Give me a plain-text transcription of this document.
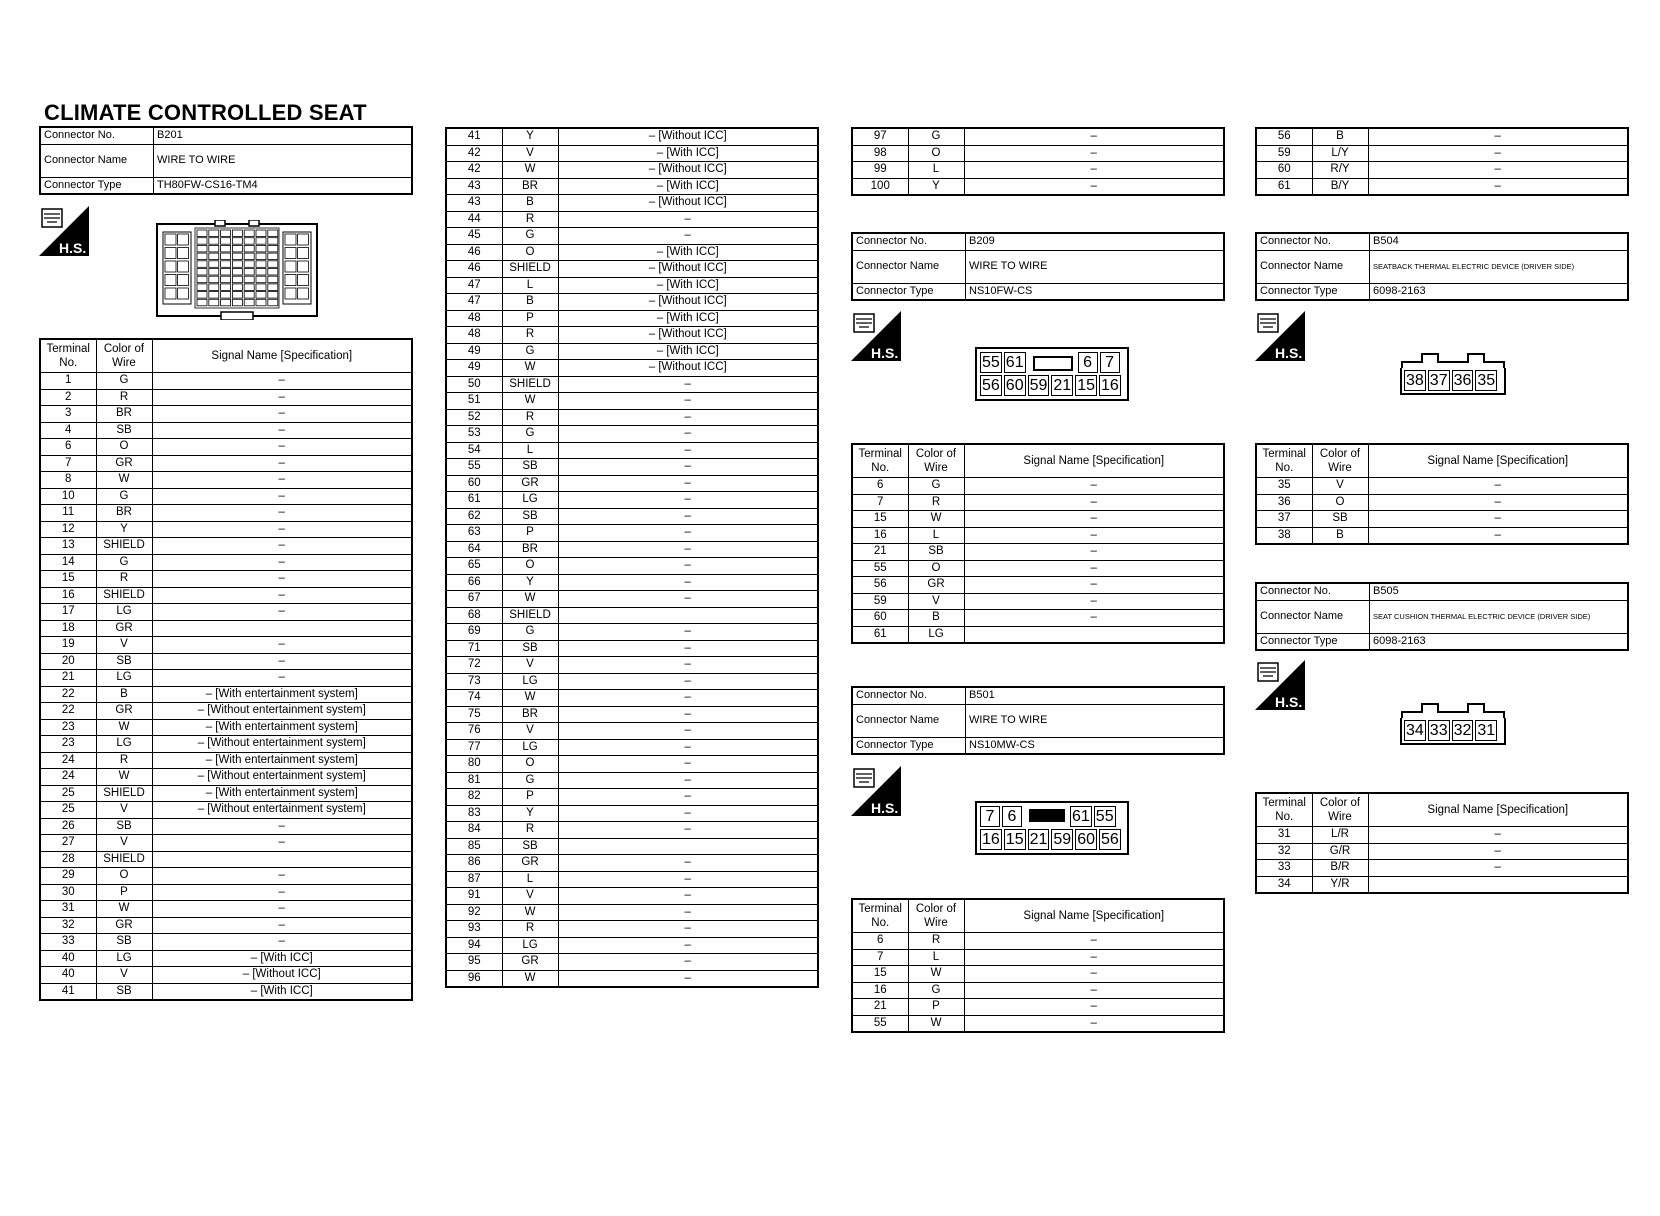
CLIMATE CONTROLLED SEAT
Connector No.	B201
Connector Name	WIRE TO WIRE
Connector Type	TH80FW-CS16-TM4
H.S.
Terminal No.	Color of Wire	Signal Name [Specification]
1	G	–
2	R	–
3	BR	–
4	SB	–
6	O	–
7	GR	–
8	W	–
10	G	–
11	BR	–
12	Y	–
13	SHIELD	–
14	G	–
15	R	–
16	SHIELD	–
17	LG	–
18	GR	
19	V	–
20	SB	–
21	LG	–
22	B	– [With entertainment system]
22	GR	– [Without entertainment system]
23	W	– [With entertainment system]
23	LG	– [Without entertainment system]
24	R	– [With entertainment system]
24	W	– [Without entertainment system]
25	SHIELD	– [With entertainment system]
25	V	– [Without entertainment system]
26	SB	–
27	V	–
28	SHIELD	
29	O	–
30	P	–
31	W	–
32	GR	–
33	SB	–
40	LG	– [With ICC]
40	V	– [Without ICC]
41	SB	– [With ICC]
41	Y	– [Without ICC]
42	V	– [With ICC]
42	W	– [Without ICC]
43	BR	– [With ICC]
43	B	– [Without ICC]
44	R	–
45	G	–
46	O	– [With ICC]
46	SHIELD	– [Without ICC]
47	L	– [With ICC]
47	B	– [Without ICC]
48	P	– [With ICC]
48	R	– [Without ICC]
49	G	– [With ICC]
49	W	– [Without ICC]
50	SHIELD	–
51	W	–
52	R	–
53	G	–
54	L	–
55	SB	–
60	GR	–
61	LG	–
62	SB	–
63	P	–
64	BR	–
65	O	–
66	Y	–
67	W	–
68	SHIELD	
69	G	–
71	SB	–
72	V	–
73	LG	–
74	W	–
75	BR	–
76	V	–
77	LG	–
80	O	–
81	G	–
82	P	–
83	Y	–
84	R	–
85	SB	
86	GR	–
87	L	–
91	V	–
92	W	–
93	R	–
94	LG	–
95	GR	–
96	W	–
97	G	–
98	O	–
99	L	–
100	Y	–
Connector No.	B209
Connector Name	WIRE TO WIRE
Connector Type	NS10FW-CS
H.S.
55 61	6 7
56 60 59 21 15 16
Terminal No.	Color of Wire	Signal Name [Specification]
6	G	–
7	R	–
15	W	–
16	L	–
21	SB	–
55	O	–
56	GR	–
59	V	–
60	B	–
61	LG	
Connector No.	B501
Connector Name	WIRE TO WIRE
Connector Type	NS10MW-CS
H.S.	7 6	61 55
16 15 21 59 60 56
Terminal No.	Color of Wire	Signal Name [Specification]
6	R	–
7	L	–
15	W	–
16	G	–
21	P	–
55	W	–
56	B	–
59	L/Y	–
60	R/Y	–
61	B/Y	–
Connector No.	B504
Connector Name	SEATBACK THERMAL ELECTRIC DEVICE (DRIVER SIDE)
Connector Type	6098-2163
H.S.
38 37 36 35
Terminal No.	Color of Wire	Signal Name [Specification]
35	V	–
36	O	–
37	SB	–
38	B	–
Connector No.	B505
Connector Name	SEAT CUSHION THERMAL ELECTRIC DEVICE (DRIVER SIDE)
Connector Type	6098-2163
H.S.
34 33 32 31
Terminal No.	Color of Wire	Signal Name [Specification]
31	L/R	–
32	G/R	–
33	B/R	–
34	Y/R	
